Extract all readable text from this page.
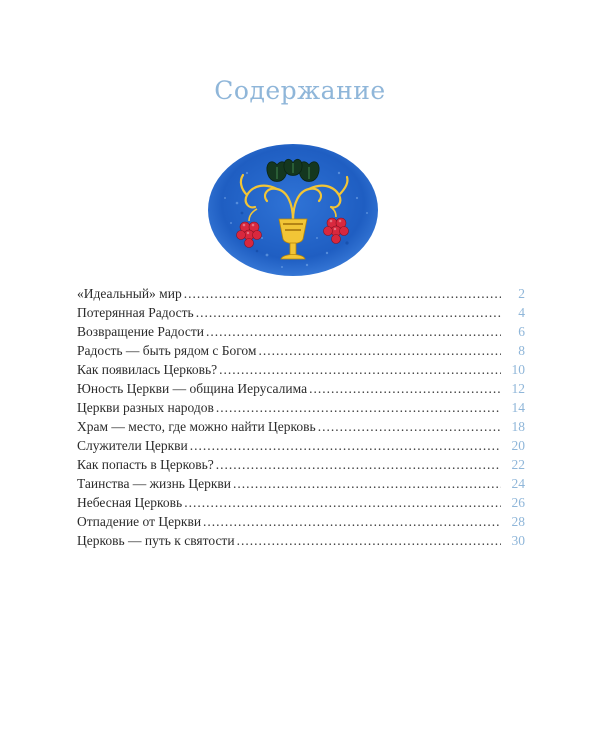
Содержание
«Идеальный» мир .....	2
Потерянная Радость .....	4
Возвращение Радости .....	6
Радость — быть рядом с Богом .....	8
Как появилась Церковь? .....	10
Юность Церкви — община Иерусалима .....	12
Церкви разных народов .....	14
Храм — место, где можно найти Церковь .....	18
Служители Церкви .....	20
Как попасть в Церковь? .....	22
Таинства — жизнь Церкви .....	24
Небесная Церковь .....	26
Отпадение от Церкви .....	28
Церковь — путь к святости .....	30
